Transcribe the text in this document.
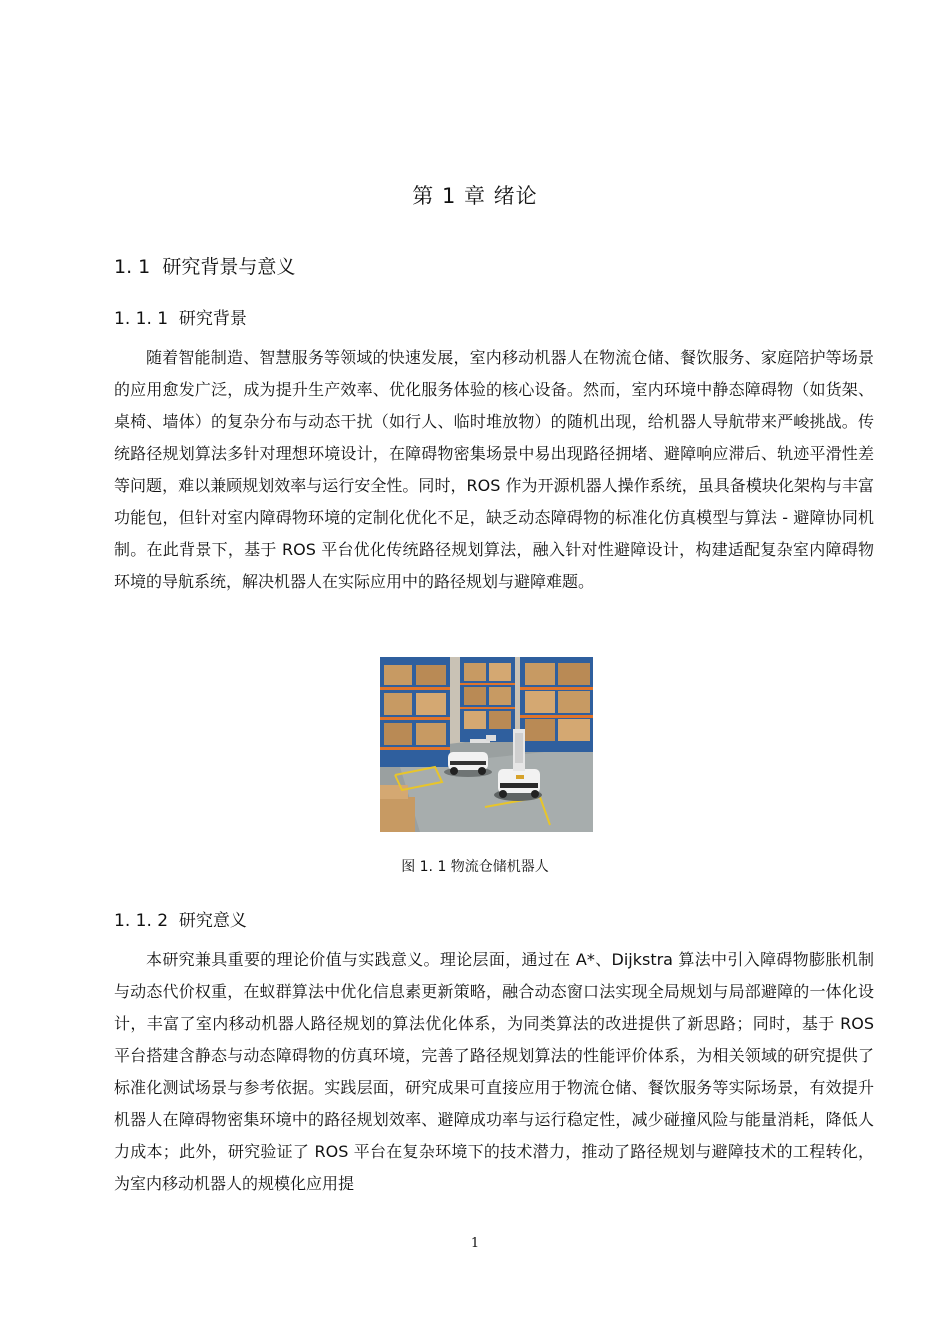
第 1 章 绪论
1. 1 研究背景与意义
1. 1. 1 研究背景

随着智能制造、智慧服务等领域的快速发展，室内移动机器人在物流仓储、餐饮服务、家庭陪护等场景的应用愈发广泛，成为提升生产效率、优化服务体验的核心设备。然而，室内环境中静态障碍物（如货架、桌椅、墙体）的复杂分布与动态干扰（如行人、临时堆放物）的随机出现，给机器人导航带来严峻挑战。传统路径规划算法多针对理想环境设计，在障碍物密集场景中易出现路径拥堵、避障响应滞后、轨迹平滑性差等问题，难以兼顾规划效率与运行安全性。同时，ROS 作为开源机器人操作系统，虽具备模块化架构与丰富功能包，但针对室内障碍物环境的定制化优化不足，缺乏动态障碍物的标准化仿真模型与算法 - 避障协同机制。在此背景下，基于 ROS 平台优化传统路径规划算法，融入针对性避障设计，构建适配复杂室内障碍物环境的导航系统，解决机器人在实际应用中的路径规划与避障难题。

图 1. 1 物流仓储机器人
1. 1. 2 研究意义

本研究兼具重要的理论价值与实践意义。理论层面，通过在 A*、Dijkstra 算法中引入障碍物膨胀机制与动态代价权重，在蚁群算法中优化信息素更新策略，融合动态窗口法实现全局规划与局部避障的一体化设计，丰富了室内移动机器人路径规划的算法优化体系，为同类算法的改进提供了新思路；同时，基于 ROS 平台搭建含静态与动态障碍物的仿真环境，完善了路径规划算法的性能评价体系，为相关领域的研究提供了标准化测试场景与参考依据。实践层面，研究成果可直接应用于物流仓储、餐饮服务等实际场景，有效提升机器人在障碍物密集环境中的路径规划效率、避障成功率与运行稳定性，减少碰撞风险与能量消耗，降低人力成本；此外，研究验证了 ROS 平台在复杂环境下的技术潜力，推动了路径规划与避障技术的工程转化，为室内移动机器人的规模化应用提

1
